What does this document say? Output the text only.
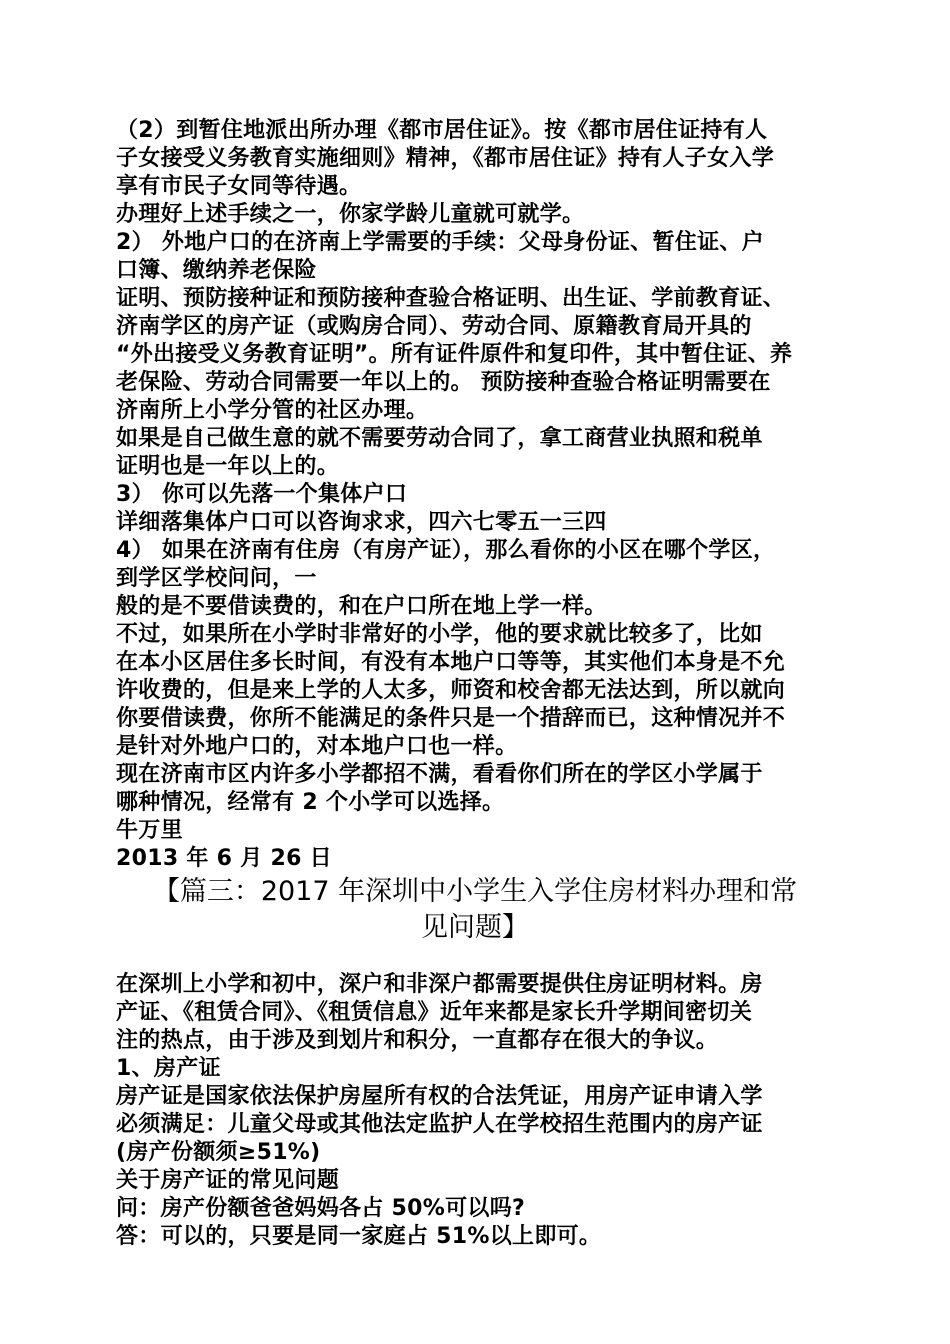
（2）到暂住地派出所办理《都市居住证》。按《都市居住证持有人
子女接受义务教育实施细则》精神，《都市居住证》持有人子女入学
享有市民子女同等待遇。
办理好上述手续之一，你家学龄儿童就可就学。
2） 外地户口的在济南上学需要的手续：父母身份证、暂住证、户
口簿、缴纳养老保险
证明、预防接种证和预防接种查验合格证明、出生证、学前教育证、
济南学区的房产证（或购房合同）、劳动合同、原籍教育局开具的
“外出接受义务教育证明”。所有证件原件和复印件，其中暂住证、养
老保险、劳动合同需要一年以上的。 预防接种查验合格证明需要在
济南所上小学分管的社区办理。
如果是自己做生意的就不需要劳动合同了，拿工商营业执照和税单
证明也是一年以上的。
3） 你可以先落一个集体户口
详细落集体户口可以咨询求求，四六七零五一三四
4） 如果在济南有住房（有房产证），那么看你的小区在哪个学区，
到学区学校问问，一
般的是不要借读费的，和在户口所在地上学一样。
不过，如果所在小学时非常好的小学，他的要求就比较多了，比如
在本小区居住多长时间，有没有本地户口等等，其实他们本身是不允
许收费的，但是来上学的人太多，师资和校舍都无法达到，所以就向
你要借读费，你所不能满足的条件只是一个措辞而已，这种情况并不
是针对外地户口的，对本地户口也一样。
现在济南市区内许多小学都招不满，看看你们所在的学区小学属于
哪种情况，经常有 2 个小学可以选择。
牛万里
2013 年 6 月 26 日
【篇三：2017 年深圳中小学生入学住房材料办理和常
见问题】
在深圳上小学和初中，深户和非深户都需要提供住房证明材料。房
产证、《租赁合同》、《租赁信息》近年来都是家长升学期间密切关
注的热点，由于涉及到划片和积分，一直都存在很大的争议。
1、房产证
房产证是国家依法保护房屋所有权的合法凭证，用房产证申请入学
必须满足：儿童父母或其他法定监护人在学校招生范围内的房产证
(房产份额须≥51%)
关于房产证的常见问题
问：房产份额爸爸妈妈各占 50%可以吗?
答：可以的，只要是同一家庭占 51%以上即可。
